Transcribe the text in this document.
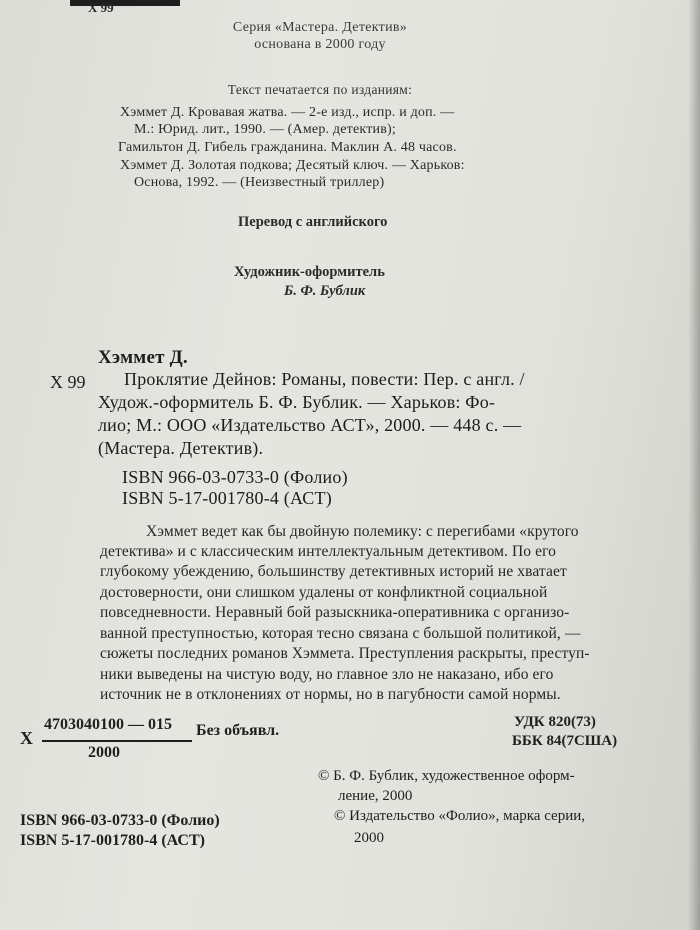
Х 99
Серия «Мастера. Детектив»
основана в 2000 году
Текст печатается по изданиям:
Хэммет Д. Кровавая жатва. — 2-е изд., испр. и доп. —
М.: Юрид. лит., 1990. — (Амер. детектив);
Гамильтон Д. Гибель гражданина. Маклин А. 48 часов.
Хэммет Д. Золотая подкова; Десятый ключ. — Харьков:
Основа, 1992. — (Неизвестный триллер)
Перевод с английского
Художник-оформитель
Б. Ф. Бублик
Хэммет Д.
Х 99 Проклятие Дейнов: Романы, повести: Пер. с англ. /
Худож.-оформитель Б. Ф. Бублик. — Харьков: Фо-
лио; М.: ООО «Издательство АСТ», 2000. — 448 с. —
(Мастера. Детектив).
ISBN 966-03-0733-0 (Фолио)
ISBN 5-17-001780-4 (АСТ)
Хэммет ведет как бы двойную полемику: с перегибами «крутого
детектива» и с классическим интеллектуальным детективом. По его
глубокому убеждению, большинству детективных историй не хватает
достоверности, они слишком удалены от конфликтной социальной
повседневности. Неравный бой разыскника-оперативника с организо-
ванной преступностью, которая тесно связана с большой политикой, —
сюжеты последних романов Хэммета. Преступления раскрыты, преступ-
ники выведены на чистую воду, но главное зло не наказано, ибо его
источник не в отклонениях от нормы, но в пагубности самой нормы.
Х
4703040100 — 015
2000
Без объявл.	УДК 820(73)
ББК 84(7США)
© Б. Ф. Бублик, художественное оформ-
ление, 2000
© Издательство «Фолио», марка серии,
2000
ISBN 966-03-0733-0 (Фолио)
ISBN 5-17-001780-4 (АСТ)
